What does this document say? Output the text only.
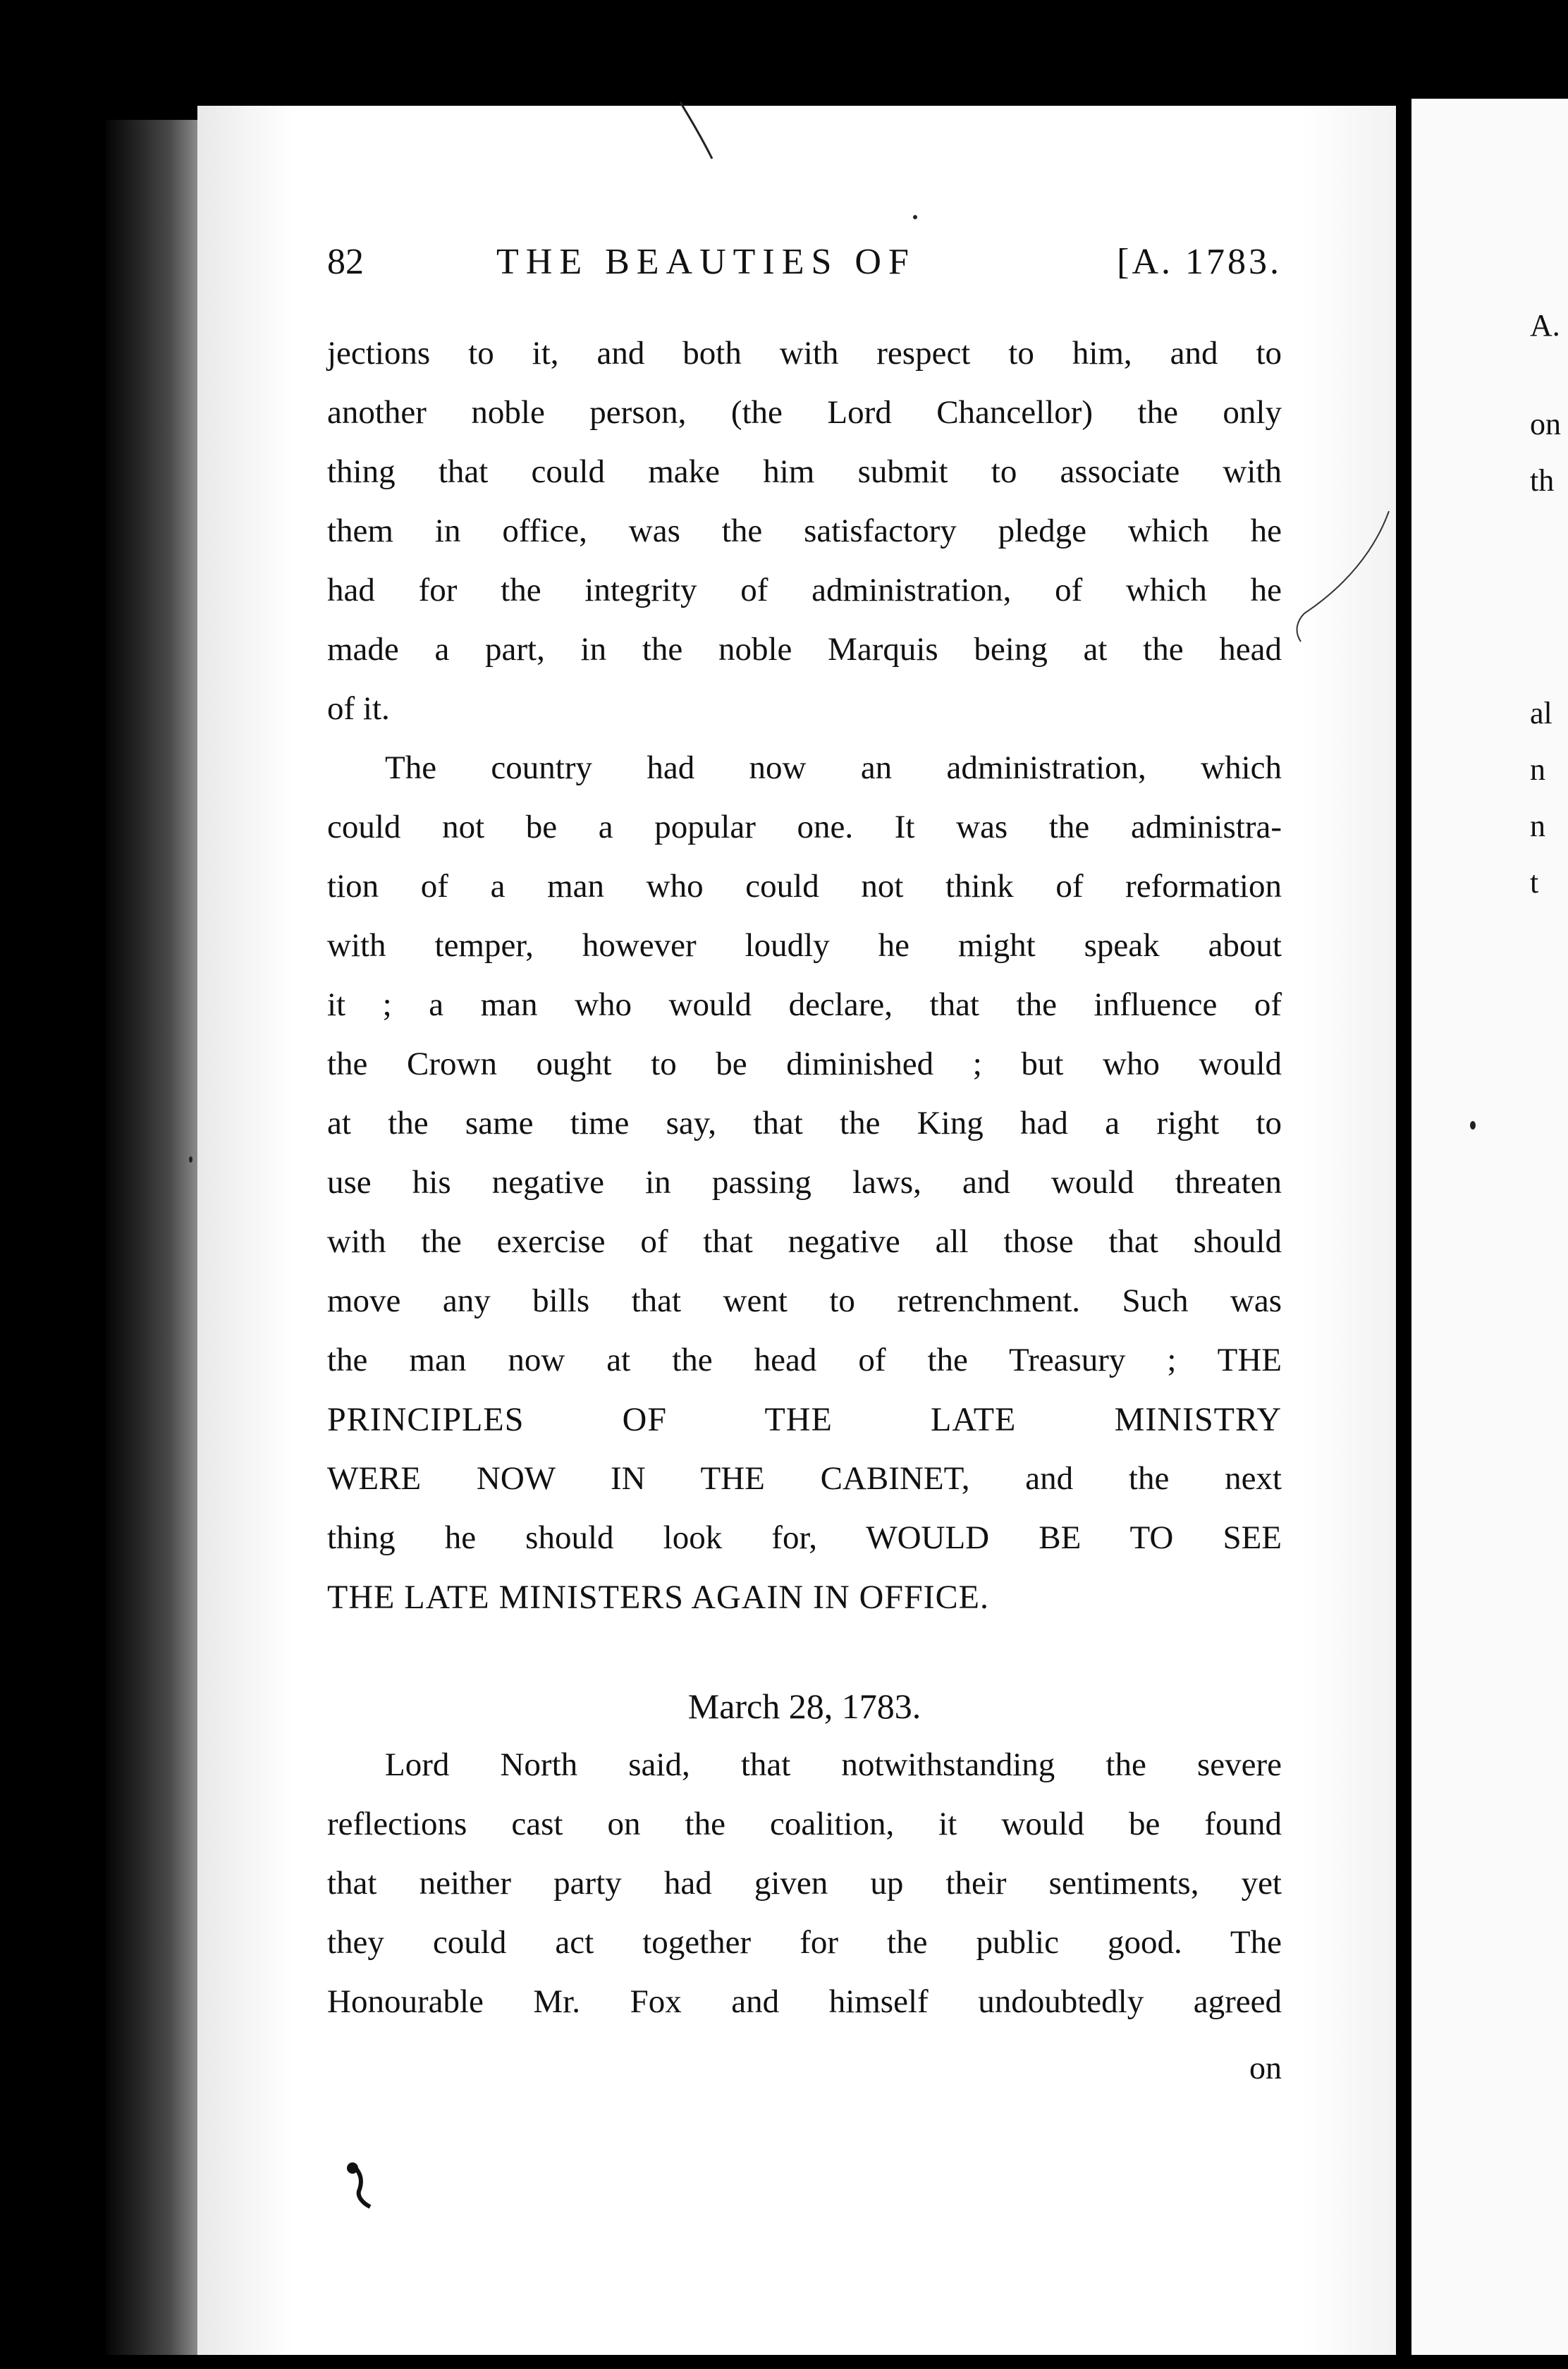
A.
on
th
al
n
n
t
82	THE BEAUTIES OF	[A. 1783.
jections to it, and both with respect to him, and to
another noble person, (the Lord Chancellor) the only
thing that could make him submit to associate with
them in office, was the satisfactory pledge which he
had for the integrity of administration, of which he
made a part, in the noble Marquis being at the head
of it.
The country had now an administration, which
could not be a popular one. It was the administra-
tion of a man who could not think of reformation
with temper, however loudly he might speak about
it ; a man who would declare, that the influence of
the Crown ought to be diminished ; but who would
at the same time say, that the King had a right to
use his negative in passing laws, and would threaten
with the exercise of that negative all those that should
move any bills that went to retrenchment. Such was
the man now at the head of the Treasury ; THE
PRINCIPLES OF THE LATE MINISTRY
WERE NOW IN THE CABINET, and the next
thing he should look for, WOULD BE TO SEE
THE LATE MINISTERS AGAIN IN OFFICE.
March 28, 1783.
Lord North said, that notwithstanding the severe
reflections cast on the coalition, it would be found
that neither party had given up their sentiments, yet
they could act together for the public good. The
Honourable Mr. Fox and himself undoubtedly agreed
on
